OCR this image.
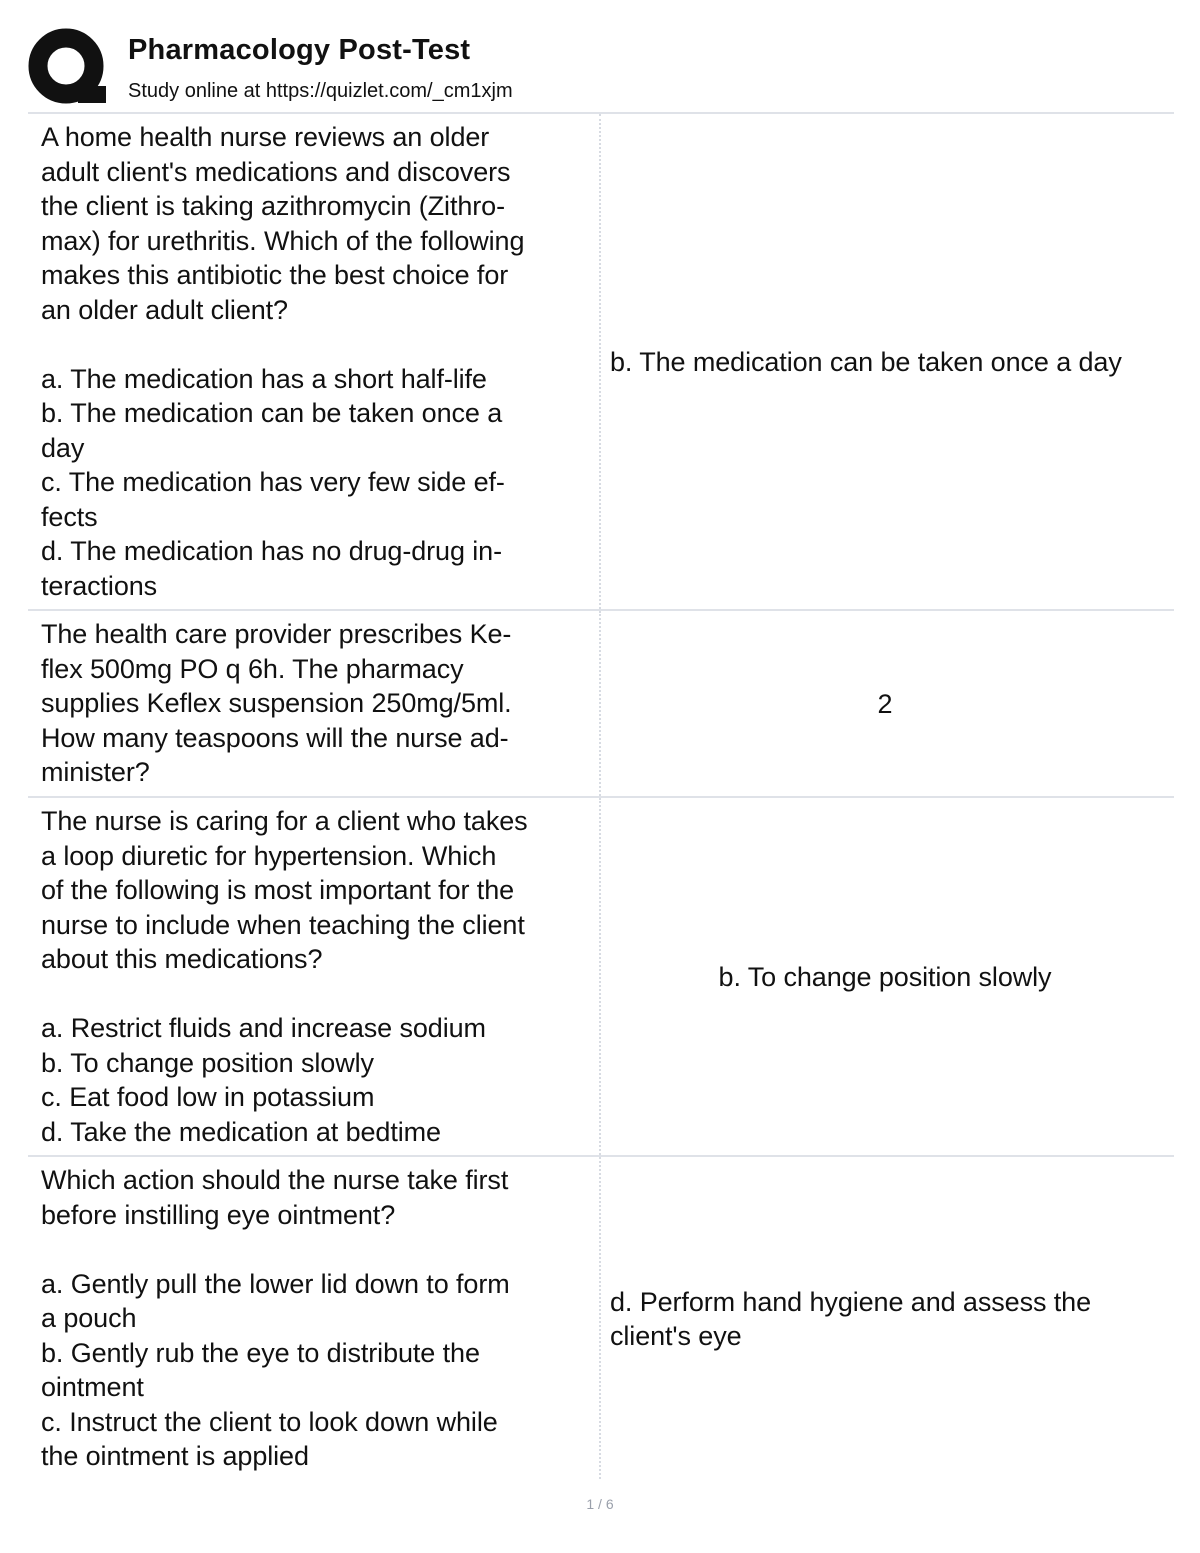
Pharmacology Post-Test
Study online at https://quizlet.com/_cm1xjm
A home health nurse reviews an older
adult client's medications and discovers
the client is taking azithromycin (Zithro-
max) for urethritis. Which of the following
makes this antibiotic the best choice for
an older adult client?

a. The medication has a short half-life
b. The medication can be taken once a
day
c. The medication has very few side ef-
fects
d. The medication has no drug-drug in-
teractions
b. The medication can be taken once a day
The health care provider prescribes Ke-
flex 500mg PO q 6h. The pharmacy
supplies Keflex suspension 250mg/5ml.
How many teaspoons will the nurse ad-
minister?
2
The nurse is caring for a client who takes
a loop diuretic for hypertension. Which
of the following is most important for the
nurse to include when teaching the client
about this medications?

a. Restrict fluids and increase sodium
b. To change position slowly
c. Eat food low in potassium
d. Take the medication at bedtime
b. To change position slowly
Which action should the nurse take first
before instilling eye ointment?

a. Gently pull the lower lid down to form
a pouch
b. Gently rub the eye to distribute the
ointment
c. Instruct the client to look down while
the ointment is applied
d. Perform hand hygiene and assess the client's eye
1 / 6
